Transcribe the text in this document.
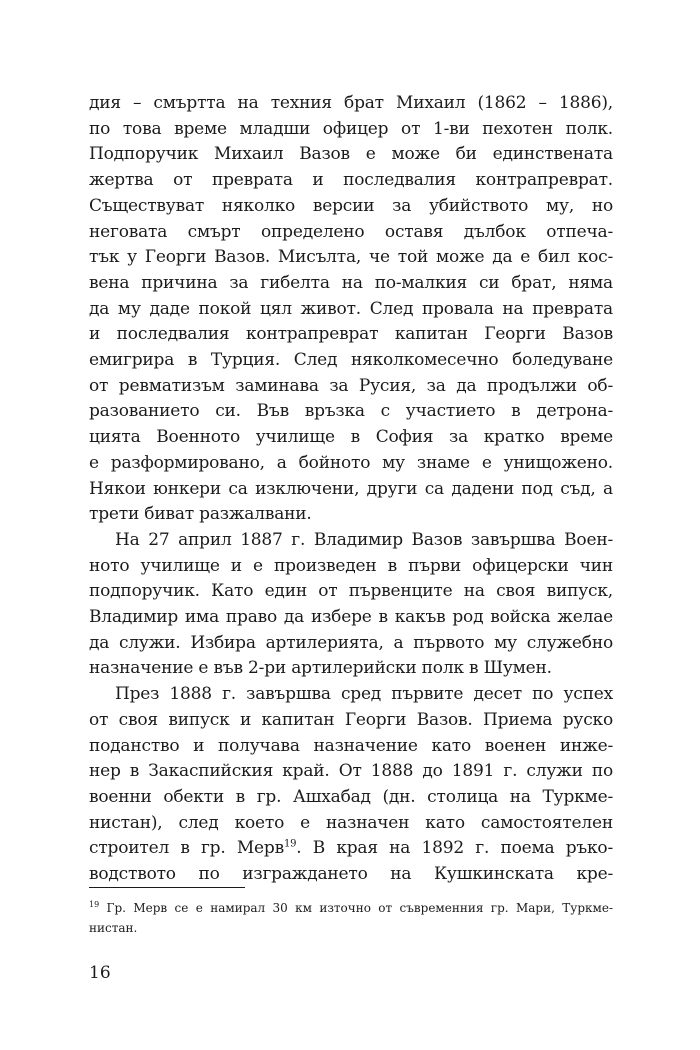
дия – смъртта на техния брат Михаил (1862 – 1886),
по това време младши офицер от 1-ви пехотен полк.
Подпоручик Михаил Вазов е може би единствената
жертва от преврата и последвалия контрапреврат.
Съществуват няколко версии за убийството му, но
неговата смърт определено оставя дълбок отпеча-
тък у Георги Вазов. Мисълта, че той може да е бил кос-
вена причина за гибелта на по-малкия си брат, няма
да му даде покой цял живот. След провала на преврата
и последвалия контрапреврат капитан Георги Вазов
емигрира в Турция. След няколкомесечно боледуване
от ревматизъм заминава за Русия, за да продължи об-
разованието си. Във връзка с участието в детрона-
цията Военното училище в София за кратко време
е разформировано, а бойното му знаме е унищожено.
Някои юнкери са изключени, други са дадени под съд, а
трети биват разжалвани.

На 27 април 1887 г. Владимир Вазов завършва Воен-
ното училище и е произведен в първи офицерски чин
подпоручик. Като един от първенците на своя випуск,
Владимир има право да избере в какъв род войска желае
да служи. Избира артилерията, а първото му служебно
назначение е във 2-ри артилерийски полк в Шумен.

През 1888 г. завършва сред първите десет по успех
от своя випуск и капитан Георги Вазов. Приема руско
поданство и получава назначение като военен инже-
нер в Закаспийския край. От 1888 до 1891 г. служи по
военни обекти в гр. Ашхабад (дн. столица на Туркме-
нистан), след което е назначен като самостоятелен
строител в гр. Мерв$^{19}$. В края на 1892 г. поема ръко-
водството по изграждането на Кушкинската кре-

$^{19}$ Гр. Мерв се е намирал 30 км източно от съвременния гр. Мари, Туркме-
нистан.
16
